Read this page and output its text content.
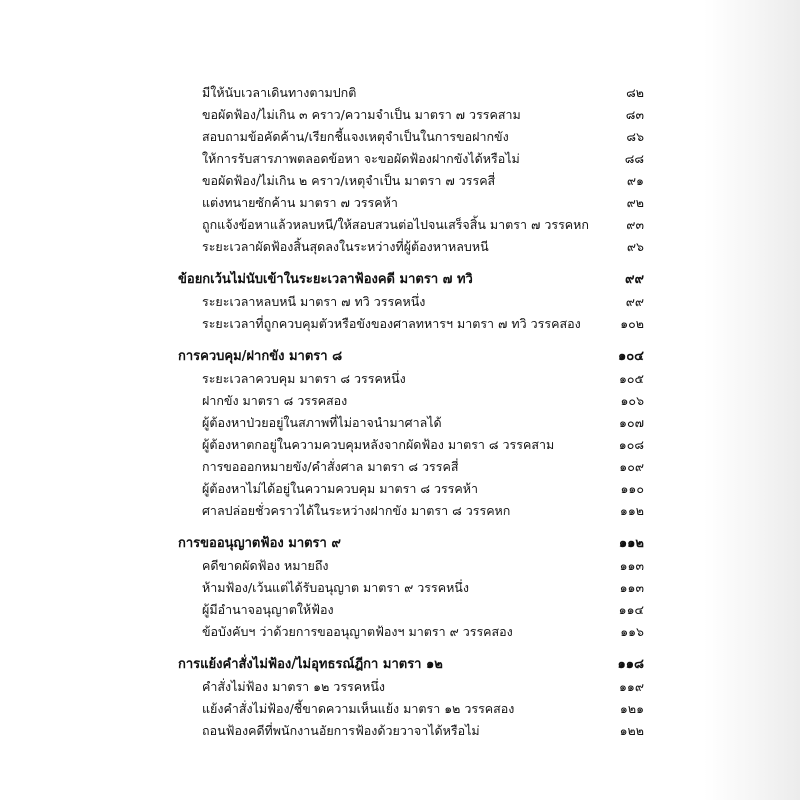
มีให้นับเวลาเดินทางตามปกติ	๘๒
ขอผัดฟ้อง/ไม่เกิน ๓ คราว/ความจำเป็น มาตรา ๗ วรรคสาม	๘๓
สอบถามข้อคัดค้าน/เรียกชี้แจงเหตุจำเป็นในการขอฝากขัง	๘๖
ให้การรับสารภาพตลอดข้อหา จะขอผัดฟ้องฝากขังได้หรือไม่	๘๘
ขอผัดฟ้อง/ไม่เกิน ๒ คราว/เหตุจำเป็น มาตรา ๗ วรรคสี่	๙๑
แต่งทนายซักค้าน มาตรา ๗ วรรคห้า	๙๒
ถูกแจ้งข้อหาแล้วหลบหนี/ให้สอบสวนต่อไปจนเสร็จสิ้น มาตรา ๗ วรรคหก	๙๓
ระยะเวลาผัดฟ้องสิ้นสุดลงในระหว่างที่ผู้ต้องหาหลบหนี	๙๖
ข้อยกเว้นไม่นับเข้าในระยะเวลาฟ้องคดี มาตรา ๗ ทวิ	๙๙
ระยะเวลาหลบหนี มาตรา ๗ ทวิ วรรคหนึ่ง	๙๙
ระยะเวลาที่ถูกควบคุมตัวหรือขังของศาลทหารฯ มาตรา ๗ ทวิ วรรคสอง	๑๐๒
การควบคุม/ฝากขัง มาตรา ๘	๑๐๔
ระยะเวลาควบคุม มาตรา ๘ วรรคหนึ่ง	๑๐๕
ฝากขัง มาตรา ๘ วรรคสอง	๑๐๖
ผู้ต้องหาป่วยอยู่ในสภาพที่ไม่อาจนำมาศาลได้	๑๐๗
ผู้ต้องหาตกอยู่ในความควบคุมหลังจากผัดฟ้อง มาตรา ๘ วรรคสาม	๑๐๘
การขอออกหมายขัง/คำสั่งศาล มาตรา ๘ วรรคสี่	๑๐๙
ผู้ต้องหาไม่ได้อยู่ในความควบคุม มาตรา ๘ วรรคห้า	๑๑๐
ศาลปล่อยชั่วคราวได้ในระหว่างฝากขัง มาตรา ๘ วรรคหก	๑๑๒
การขออนุญาตฟ้อง มาตรา ๙	๑๑๒
คดีขาดผัดฟ้อง หมายถึง	๑๑๓
ห้ามฟ้อง/เว้นแต่ได้รับอนุญาต มาตรา ๙ วรรคหนึ่ง	๑๑๓
ผู้มีอำนาจอนุญาตให้ฟ้อง	๑๑๔
ข้อบังคับฯ ว่าด้วยการขออนุญาตฟ้องฯ มาตรา ๙ วรรคสอง	๑๑๖
การแย้งคำสั่งไม่ฟ้อง/ไม่อุทธรณ์ฎีกา มาตรา ๑๒	๑๑๘
คำสั่งไม่ฟ้อง มาตรา ๑๒ วรรคหนึ่ง	๑๑๙
แย้งคำสั่งไม่ฟ้อง/ชี้ขาดความเห็นแย้ง มาตรา ๑๒ วรรคสอง	๑๒๑
ถอนฟ้องคดีที่พนักงานอัยการฟ้องด้วยวาจาได้หรือไม่	๑๒๒
